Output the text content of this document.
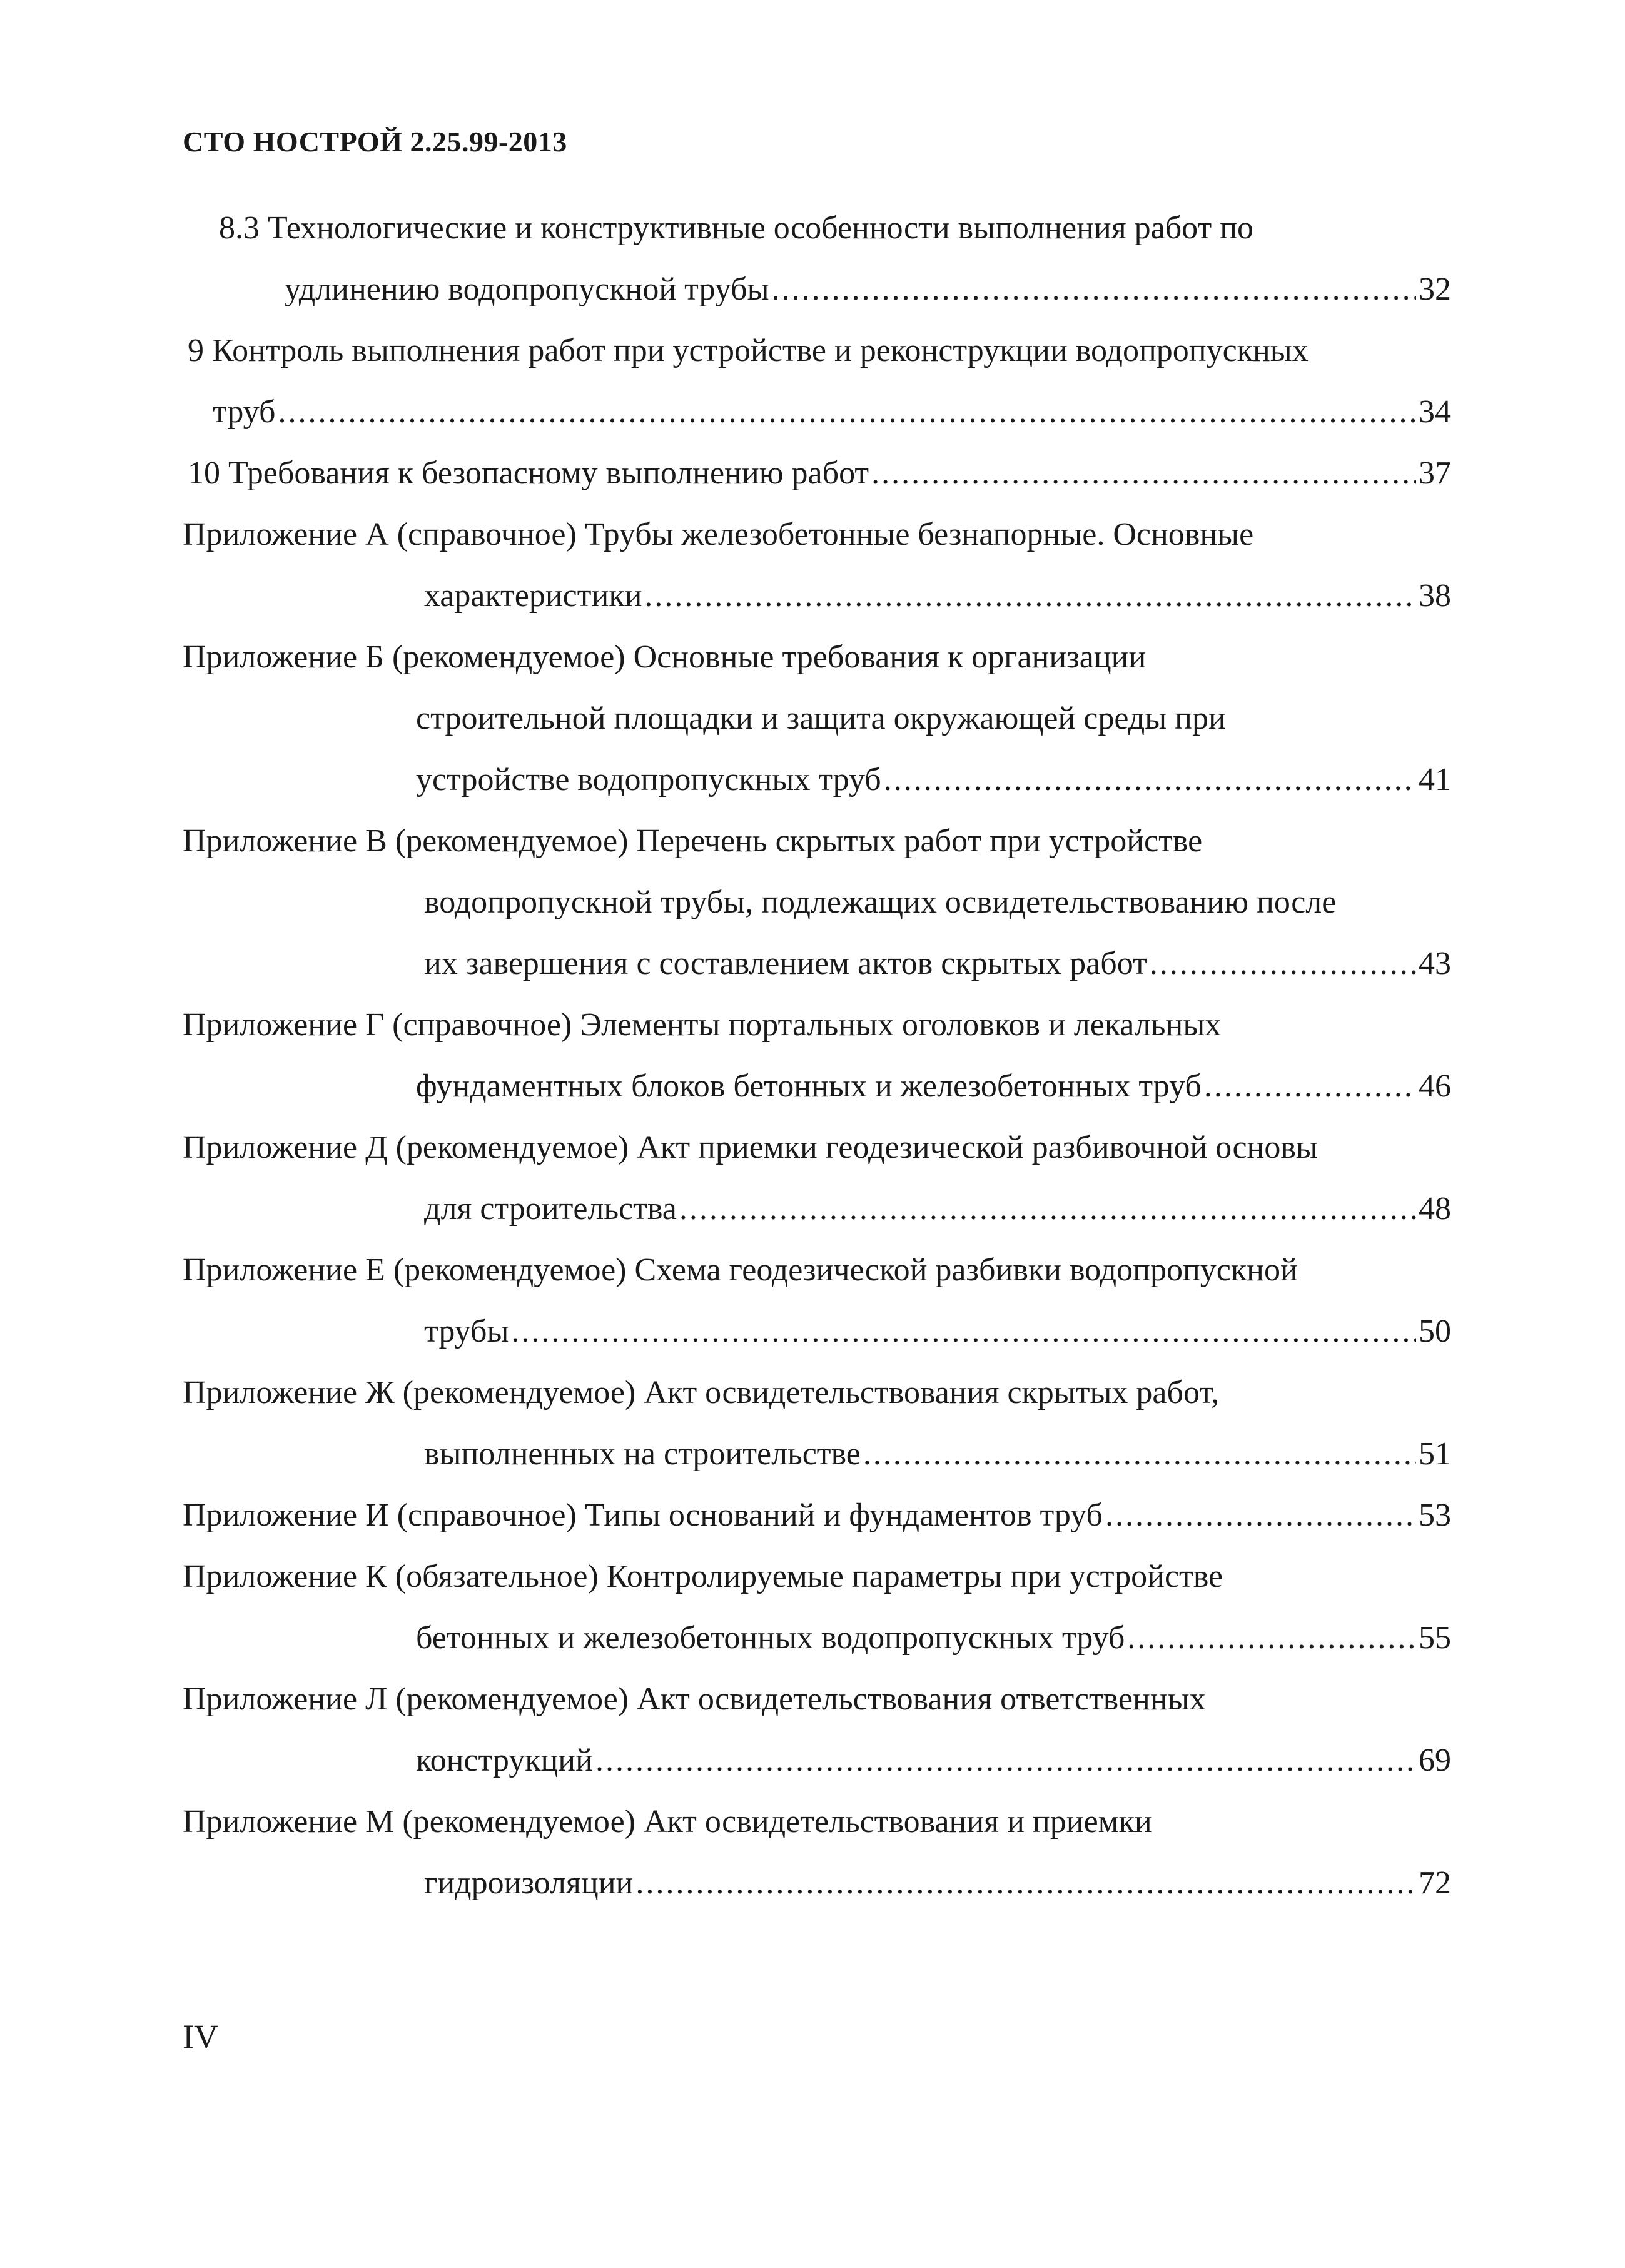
СТО НОСТРОЙ 2.25.99-2013
8.3 Технологические и конструктивные особенности выполнения работ по
удлинению водопропускной трубы .....	32
9 Контроль выполнения работ при устройстве и реконструкции водопропускных
труб .....	34
10 Требования к безопасному выполнению работ .....	37
Приложение А (справочное) Трубы железобетонные безнапорные. Основные
характеристики .....	38
Приложение Б (рекомендуемое) Основные требования к организации
строительной площадки и защита окружающей среды при
устройстве водопропускных труб .....	41
Приложение В (рекомендуемое) Перечень скрытых работ при устройстве
водопропускной трубы, подлежащих освидетельствованию после
их завершения с составлением актов скрытых работ .....	43
Приложение Г (справочное) Элементы портальных оголовков и лекальных
фундаментных блоков бетонных и железобетонных труб .....	46
Приложение Д (рекомендуемое) Акт приемки геодезической разбивочной основы
для строительства .....	48
Приложение Е (рекомендуемое) Схема геодезической разбивки водопропускной
трубы .....	50
Приложение Ж (рекомендуемое) Акт освидетельствования скрытых работ,
выполненных на строительстве .....	51
Приложение И (справочное) Типы оснований и фундаментов труб .....	53
Приложение К (обязательное) Контролируемые параметры при устройстве
бетонных и железобетонных водопропускных труб .....	55
Приложение Л (рекомендуемое) Акт освидетельствования ответственных
конструкций .....	69
Приложение М (рекомендуемое) Акт освидетельствования и приемки
гидроизоляции .....	72
IV
